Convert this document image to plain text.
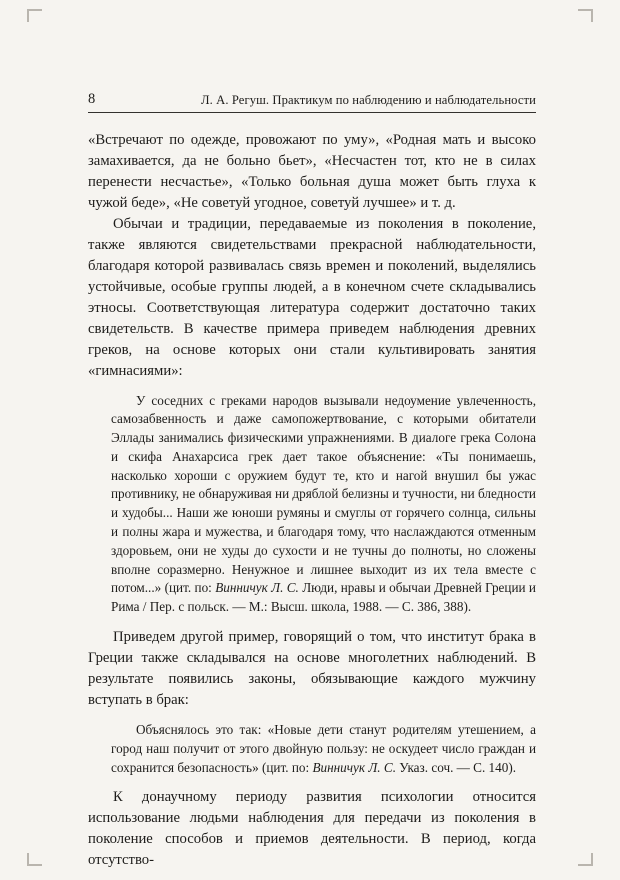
8	Л. А. Регуш. Практикум по наблюдению и наблюдательности

«Встречают по одежде, провожают по уму», «Родная мать и высоко замахивается, да не больно бьет», «Несчастен тот, кто не в силах перенести несчастье», «Только больная душа может быть глуха к чужой беде», «Не советуй угодное, советуй лучшее» и т. д.

Обычаи и традиции, передаваемые из поколения в поколение, также являются свидетельствами прекрасной наблюдательности, благодаря которой развивалась связь времен и поколений, выделялись устойчивые, особые группы людей, а в конечном счете складывались этносы. Соответствующая литература содержит достаточно таких свидетельств. В качестве примера приведем наблюдения древних греков, на основе которых они стали культивировать занятия «гимнасиями»:

У соседних с греками народов вызывали недоумение увлеченность, самозабвенность и даже самопожертвование, с которыми обитатели Эллады занимались физическими упражнениями. В диалоге грека Солона и скифа Анахарсиса грек дает такое объяснение: «Ты понимаешь, насколько хороши с оружием будут те, кто и нагой внушил бы ужас противнику, не обнаруживая ни дряблой белизны и тучности, ни бледности и худобы... Наши же юноши румяны и смуглы от горячего солнца, сильны и полны жара и мужества, и благодаря тому, что наслаждаются отменным здоровьем, они не худы до сухости и не тучны до полноты, но сложены вполне соразмерно. Ненужное и лишнее выходит из их тела вместе с потом...» (цит. по: Винничук Л. С. Люди, нравы и обычаи Древней Греции и Рима / Пер. с польск. — М.: Высш. школа, 1988. — С. 386, 388).

Приведем другой пример, говорящий о том, что институт брака в Греции также складывался на основе многолетних наблюдений. В результате появились законы, обязывающие каждого мужчину вступать в брак:

Объяснялось это так: «Новые дети станут родителям утешением, а город наш получит от этого двойную пользу: не оскудеет число граждан и сохранится безопасность» (цит. по: Винничук Л. С. Указ. соч. — С. 140).

К донаучному периоду развития психологии относится использование людьми наблюдения для передачи из поколения в поколение способов и приемов деятельности. В период, когда отсутство-
